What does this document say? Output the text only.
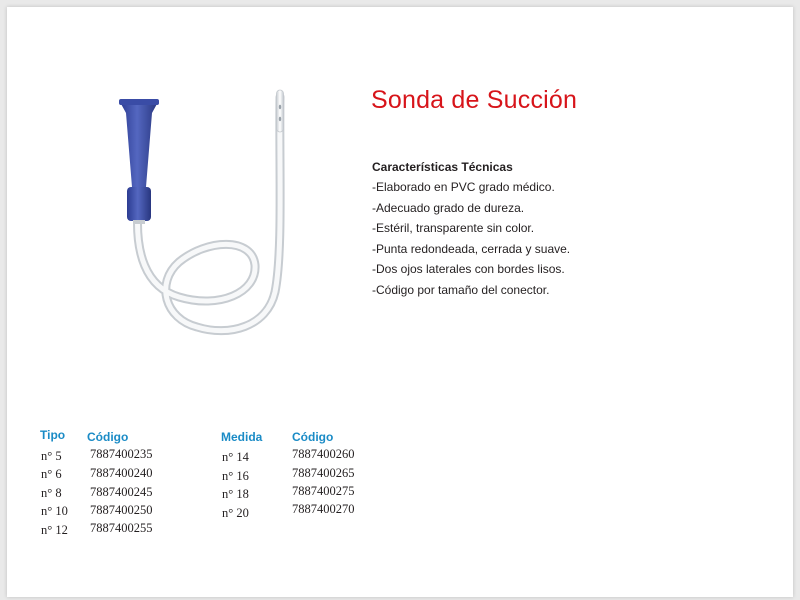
Sonda de Succión
Características Técnicas
-Elaborado en PVC grado médico.
-Adecuado grado de dureza.
-Estéril, transparente sin color.
-Punta redondeada, cerrada y suave.
-Dos ojos laterales con bordes lisos.
-Código por tamaño del conector.
Tipo Código
n° 5 7887400235
n° 6 7887400240
n° 8 7887400245
n° 10 7887400250
n° 12 7887400255
Medida Código
n° 14	7887400260
n° 16	7887400265
n° 18	7887400275
n° 20	7887400270
